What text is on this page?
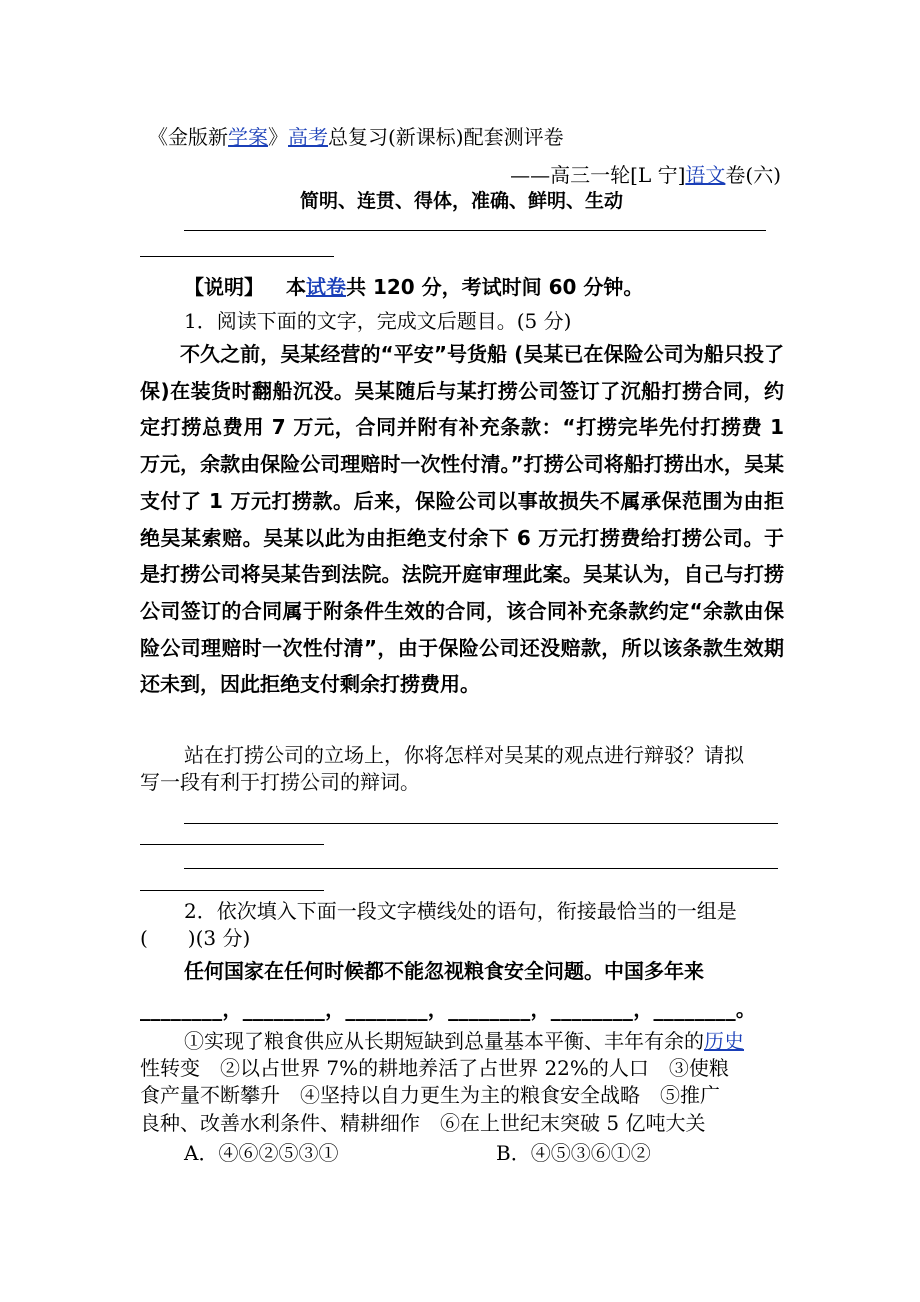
《金版新学案》高考总复习(新课标)配套测评卷
——高三一轮[L 宁]语文卷(六)
简明、连贯、得体，准确、鲜明、生动
【说明】 本试卷共 120 分，考试时间 60 分钟。
1．阅读下面的文字，完成文后题目。(5 分)
不久之前，吴某经营的“平安”号货船 (吴某已在保险公司为船只投了保)在装货时翻船沉没。吴某随后与某打捞公司签订了沉船打捞合同，约定打捞总费用 7 万元，合同并附有补充条款：“打捞完毕先付打捞费 1 万元，余款由保险公司理赔时一次性付清。”打捞公司将船打捞出水，吴某支付了 1 万元打捞款。后来，保险公司以事故损失不属承保范围为由拒绝吴某索赔。吴某以此为由拒绝支付余下 6 万元打捞费给打捞公司。于是打捞公司将吴某告到法院。法院开庭审理此案。吴某认为，自己与打捞公司签订的合同属于附条件生效的合同，该合同补充条款约定“余款由保险公司理赔时一次性付清”，由于保险公司还没赔款，所以该条款生效期还未到，因此拒绝支付剩余打捞费用。
站在打捞公司的立场上，你将怎样对吴某的观点进行辩驳？请拟
写一段有利于打捞公司的辩词。
2．依次填入下面一段文字横线处的语句，衔接最恰当的一组是
(　　)(3 分)
任何国家在任何时候都不能忽视粮食安全问题。中国多年来
________，________，________，________，________，________。
①实现了粮食供应从长期短缺到总量基本平衡、丰年有余的历史
性转变　②以占世界 7%的耕地养活了占世界 22%的人口　③使粮
食产量不断攀升　④坚持以自力更生为主的粮食安全战略　⑤推广
良种、改善水利条件、精耕细作　⑥在上世纪末突破 5 亿吨大关
A．④⑥②⑤③①	B．④⑤③⑥①②
